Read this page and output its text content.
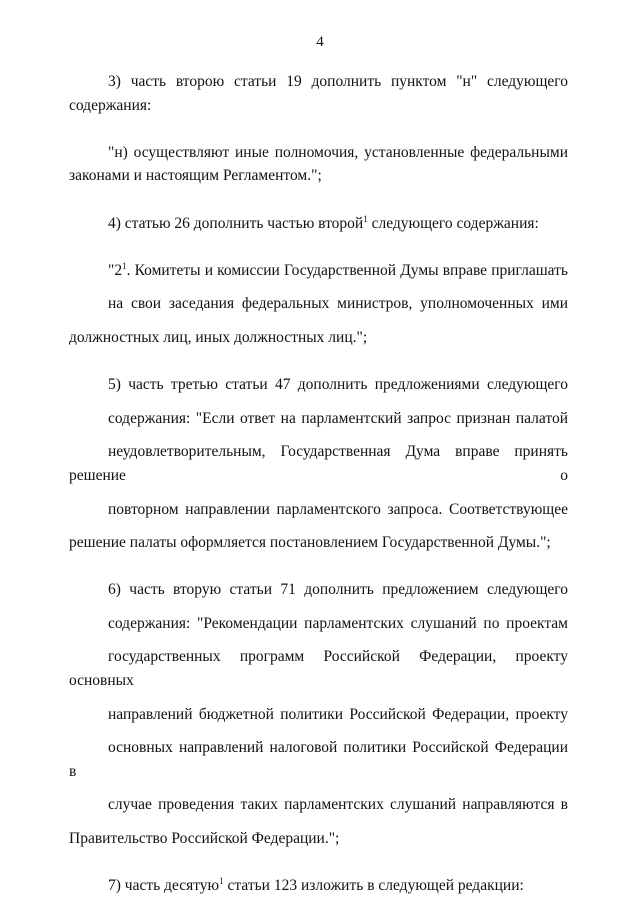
4
3) часть второю статьи 19 дополнить пунктом "н" следующего
содержания:
"н) осуществляют иные полномочия, установленные федеральными
законами и настоящим Регламентом.";
4) статью 26 дополнить частью второй$^1$ следующего содержания:
"$2^1$. Комитеты и комиссии Государственной Думы вправе приглашать
на свои заседания федеральных министров, уполномоченных ими
должностных лиц, иных должностных лиц.";
5) часть третью статьи 47 дополнить предложениями следующего
содержания: "Если ответ на парламентский запрос признан палатой
неудовлетворительным, Государственная Дума вправе принять решение о
повторном направлении парламентского запроса. Соответствующее
решение палаты оформляется постановлением Государственной Думы.";
6) часть вторую статьи 71 дополнить предложением следующего
содержания: "Рекомендации парламентских слушаний по проектам
государственных программ Российской Федерации, проекту основных
направлений бюджетной политики Российской Федерации, проекту
основных направлений налоговой политики Российской Федерации в
случае проведения таких парламентских слушаний направляются в
Правительство Российской Федерации.";
7) часть десятую$^1$ статьи 123 изложить в следующей редакции:
